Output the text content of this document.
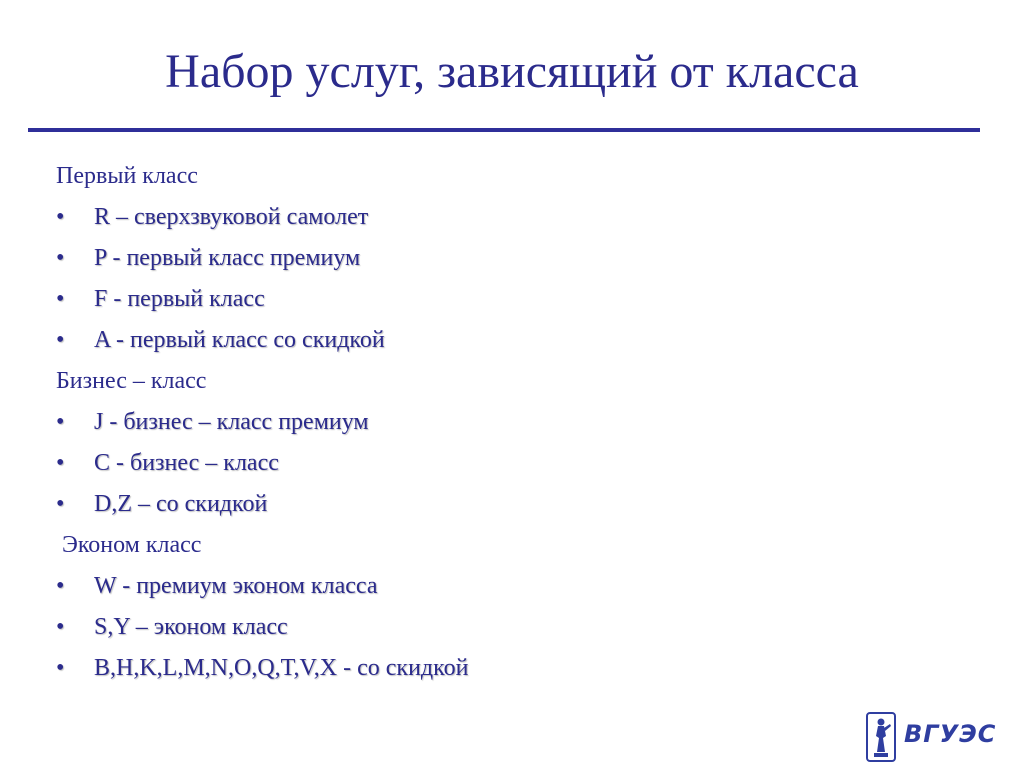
Набор услуг, зависящий от класса
Первый класс
• R – сверхзвуковой самолет
• P - первый класс премиум
• F - первый класс
• A - первый класс со скидкой
Бизнес – класс
• J - бизнес – класс премиум
• C - бизнес – класс
• D,Z – со скидкой
Эконом класс
• W - премиум эконом класса
• S,Y – эконом класс
• B,H,K,L,M,N,O,Q,T,V,X - со скидкой
ВГУЭС
